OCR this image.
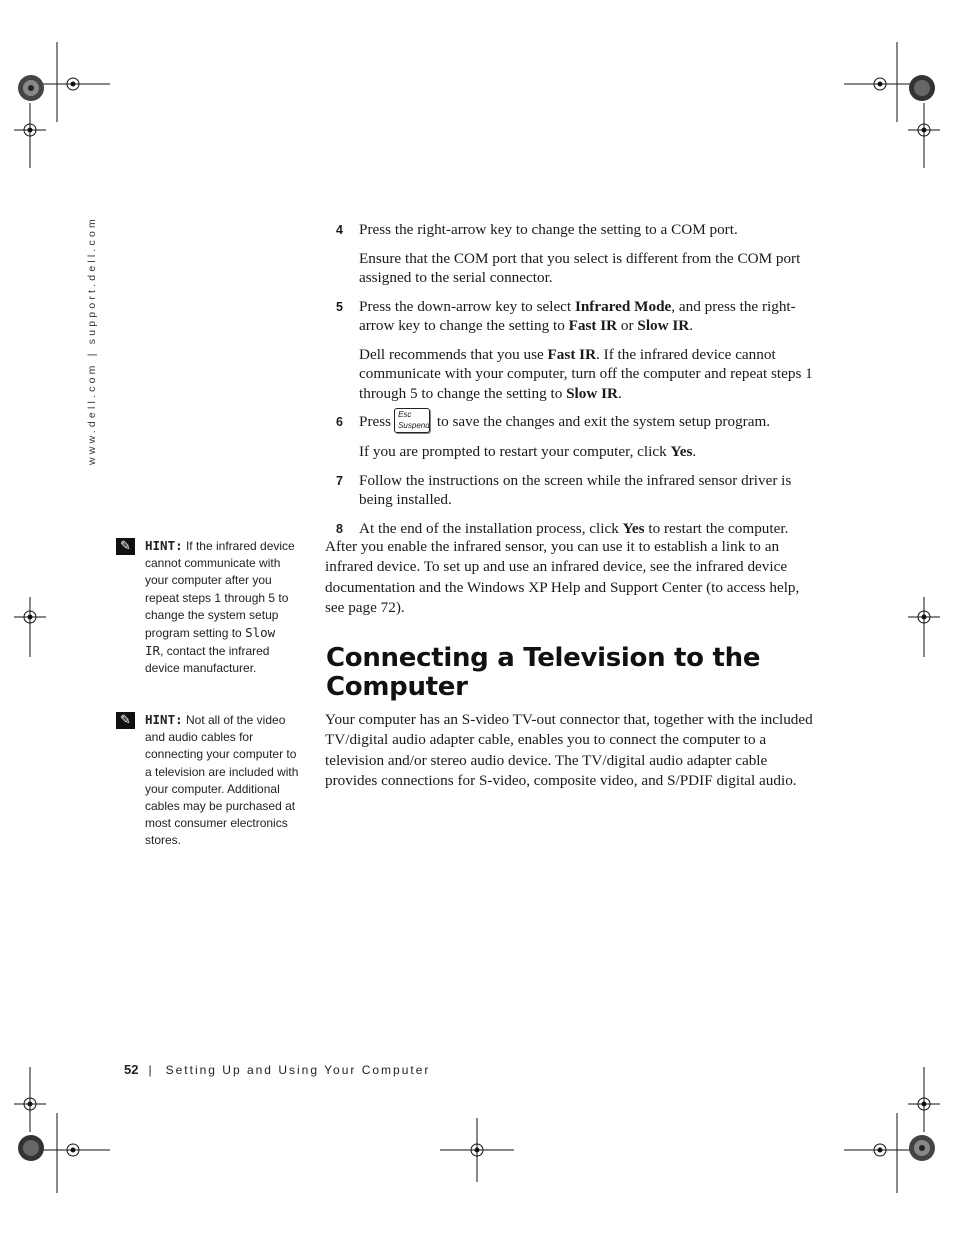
www.dell.com | support.dell.com	4 Press the right-arrow key to change the setting to a COM port.

Ensure that the COM port that you select is different from the COM port assigned to the serial connector.

5 Press the down-arrow key to select Infrared Mode, and press the right-arrow key to change the setting to Fast IR or Slow IR.

Dell recommends that you use Fast IR. If the infrared device cannot communicate with your computer, turn off the computer and repeat steps 1 through 5 to change the setting to Slow IR.

6 Press Esc
Suspend to save the changes and exit the system setup program.

If you are prompted to restart your computer, click Yes.

7 Follow the instructions on the screen while the infrared sensor driver is being installed.

8 At the end of the installation process, click Yes to restart the computer.

After you enable the infrared sensor, you can use it to establish a link to an infrared device. To set up and use an infrared device, see the infrared device documentation and the Windows XP Help and Support Center (to access help, see page 72).

Connecting a Television to the Computer

Your computer has an S-video TV-out connector that, together with the included TV/digital audio adapter cable, enables you to connect the computer to a television and/or stereo audio device. The TV/digital audio adapter cable provides connections for S-video, composite video, and S/PDIF digital audio.

✎	HINT: If the infrared device cannot communicate with your computer after you repeat steps 1 through 5 to change the system setup program setting to Slow IR, contact the infrared device manufacturer.
✎	HINT: Not all of the video and audio cables for connecting your computer to a television are included with your computer. Additional cables may be purchased at most consumer electronics stores.
52 | Setting Up and Using Your Computer
